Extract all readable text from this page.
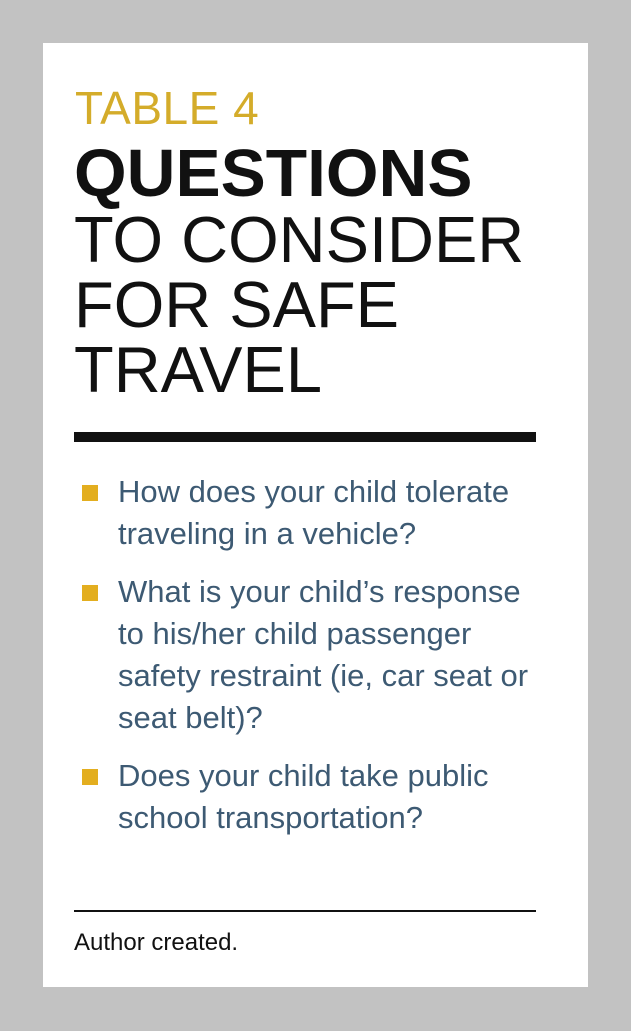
TABLE 4
QUESTIONS
TO CONSIDER
FOR SAFE
TRAVEL
How does your child tolerate traveling in a vehicle?
What is your child’s response to his/her child passenger safety restraint (ie, car seat or seat belt)?
Does your child take public school transportation?
Author created.
